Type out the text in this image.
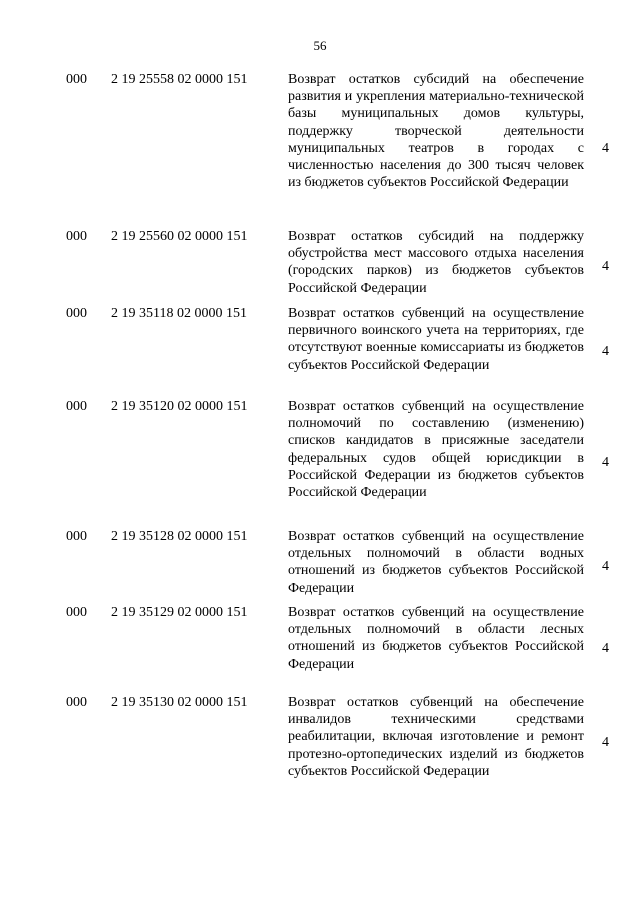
56
000 2 19 25558 02 0000 151	Возврат остатков субсидий на обеспечение развития и укрепления материально-технической базы муниципальных домов культуры, поддержку творческой деятельности муниципальных театров в городах с численностью населения до 300 тысяч человек из бюджетов субъектов Российской Федерации
4
000 2 19 25560 02 0000 151	Возврат остатков субсидий на поддержку обустройства мест массового отдыха населения (городских парков) из бюджетов субъектов Российской Федерации
4
000 2 19 35118 02 0000 151	Возврат остатков субвенций на осуществление первичного воинского учета на территориях, где отсутствуют военные комиссариаты из бюджетов субъектов Российской Федерации
4
000 2 19 35120 02 0000 151	Возврат остатков субвенций на осуществление полномочий по составлению (изменению) списков кандидатов в присяжные заседатели федеральных судов общей юрисдикции в Российской Федерации из бюджетов субъектов Российской Федерации
4
000 2 19 35128 02 0000 151	Возврат остатков субвенций на осуществление отдельных полномочий в области водных отношений из бюджетов субъектов Российской Федерации
4
000 2 19 35129 02 0000 151	Возврат остатков субвенций на осуществление отдельных полномочий в области лесных отношений из бюджетов субъектов Российской Федерации
4
000 2 19 35130 02 0000 151	Возврат остатков субвенций на обеспечение инвалидов техническими средствами реабилитации, включая изготовление и ремонт протезно-ортопедических изделий из бюджетов субъектов Российской Федерации
4
